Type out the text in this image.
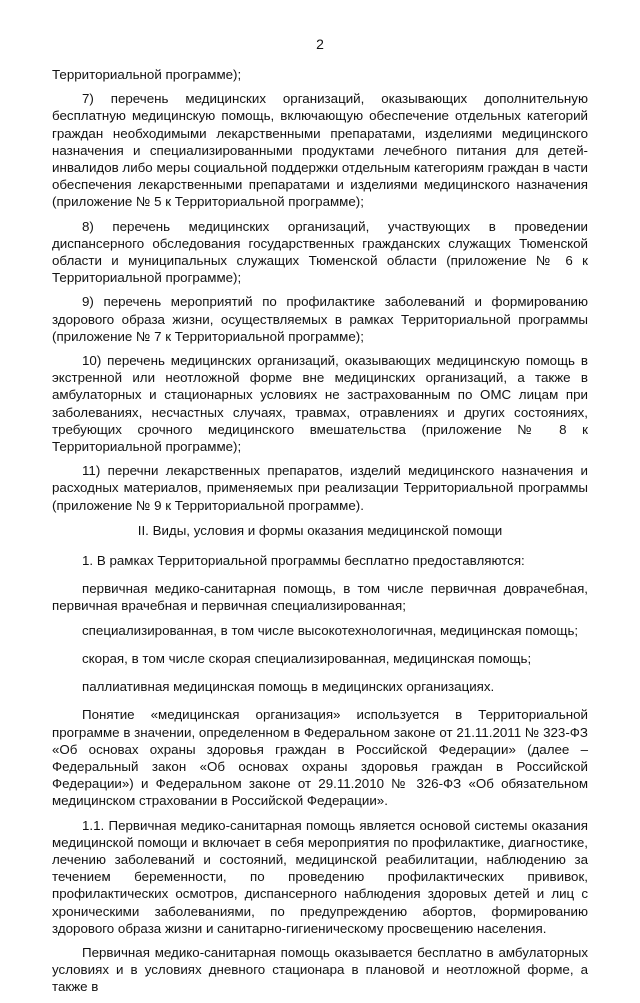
2

Территориальной программе);

7) перечень медицинских организаций, оказывающих дополнительную бесплатную медицинскую помощь, включающую обеспечение отдельных категорий граждан необходимыми лекарственными препаратами, изделиями медицинского назначения и специализированными продуктами лечебного питания для детей-инвалидов либо меры социальной поддержки отдельным категориям граждан в части обеспечения лекарственными препаратами и изделиями медицинского назначения (приложение № 5 к Территориальной программе);

8) перечень медицинских организаций, участвующих в проведении диспансерного обследования государственных гражданских служащих Тюменской области и муниципальных служащих Тюменской области (приложение № 6 к Территориальной программе);

9) перечень мероприятий по профилактике заболеваний и формированию здорового образа жизни, осуществляемых в рамках Территориальной программы (приложение № 7 к Территориальной программе);

10) перечень медицинских организаций, оказывающих медицинскую помощь в экстренной или неотложной форме вне медицинских организаций, а также в амбулаторных и стационарных условиях не застрахованным по ОМС лицам при заболеваниях, несчастных случаях, травмах, отравлениях и других состояниях, требующих срочного медицинского вмешательства (приложение № 8 к Территориальной программе);

11) перечни лекарственных препаратов, изделий медицинского назначения и расходных материалов, применяемых при реализации Территориальной программы (приложение № 9 к Территориальной программе).

II. Виды, условия и формы оказания медицинской помощи

1. В рамках Территориальной программы бесплатно предоставляются:

первичная медико-санитарная помощь, в том числе первичная доврачебная, первичная врачебная и первичная специализированная;

специализированная, в том числе высокотехнологичная, медицинская помощь;

скорая, в том числе скорая специализированная, медицинская помощь;

паллиативная медицинская помощь в медицинских организациях.

Понятие «медицинская организация» используется в Территориальной программе в значении, определенном в Федеральном законе от 21.11.2011 № 323-ФЗ «Об основах охраны здоровья граждан в Российской Федерации» (далее – Федеральный закон «Об основах охраны здоровья граждан в Российской Федерации») и Федеральном законе от 29.11.2010 № 326-ФЗ «Об обязательном медицинском страховании в Российской Федерации».

1.1. Первичная медико-санитарная помощь является основой системы оказания медицинской помощи и включает в себя мероприятия по профилактике, диагностике, лечению заболеваний и состояний, медицинской реабилитации, наблюдению за течением беременности, по проведению профилактических прививок, профилактических осмотров, диспансерного наблюдения здоровых детей и лиц с хроническими заболеваниями, по предупреждению абортов, формированию здорового образа жизни и санитарно-гигиеническому просвещению населения.

Первичная медико-санитарная помощь оказывается бесплатно в амбулаторных условиях и в условиях дневного стационара в плановой и неотложной форме, а также в
